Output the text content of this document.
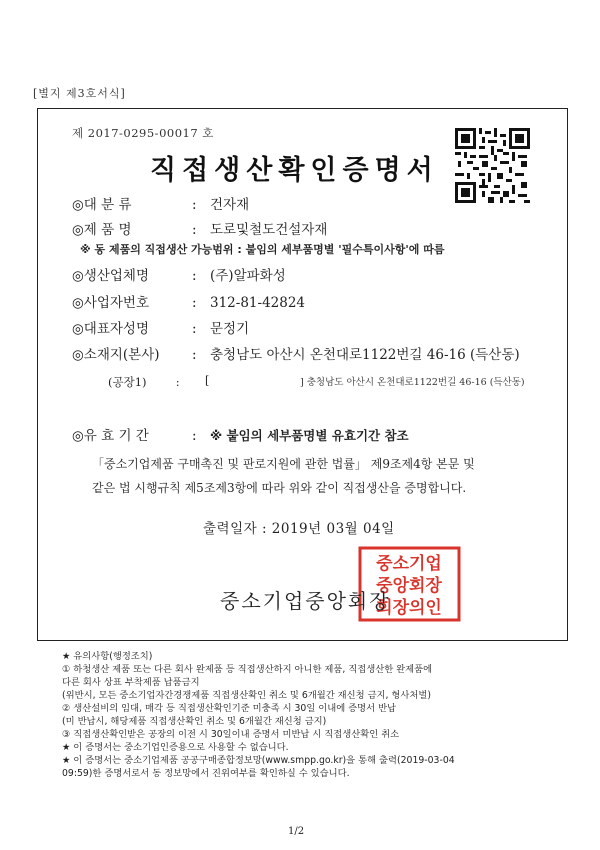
[별지 제3호서식]
제 2017-0295-00017 호
직접생산확인증명서
◎대 분 류	: 건자재
◎제 품 명	: 도로및철도건설자재
※ 동 제품의 직접생산 가능범위 : 붙임의 세부품명별 '필수특이사항'에 따름
◎생산업체명	: (주)알파화성
◎사업자번호	: 312-81-42824
◎대표자성명	: 문정기
◎소재지(본사) : 충청남도 아산시 온천대로1122번길 46-16 (득산동)
(공장1)	: [	] 충청남도 아산시 온천대로1122번길 46-16 (득산동)
◎유 효 기 간	: ※ 붙임의 세부품명별 유효기간 참조
「중소기업제품 구매촉진 및 판로지원에 관한 법률」 제9조제4항 본문 및
같은 법 시행규칙 제5조제3항에 따라 위와 같이 직접생산을 증명합니다.
출력일자 : 2019년 03월 04일
중소기업
중앙회장
회장의인
중소기업중앙회장
★ 유의사항(행정조치)
① 하청생산 제품 또는 다른 회사 완제품 등 직접생산하지 아니한 제품, 직접생산한 완제품에
다른 회사 상표 부착제품 납품금지
(위반시, 모든 중소기업자간경쟁제품 직접생산확인 취소 및 6개월간 재신청 금지, 형사처벌)
② 생산설비의 임대, 매각 등 직접생산확인기준 미충족 시 30일 이내에 증명서 반납
(미 반납시, 해당제품 직접생산확인 취소 및 6개월간 재신청 금지)
③ 직접생산확인받은 공장의 이전 시 30일이내 증명서 미반납 시 직접생산확인 취소
★ 이 증명서는 중소기업인증용으로 사용할 수 없습니다.
★ 이 증명서는 중소기업제품 공공구매종합정보망(www.smpp.go.kr)을 통해 출력(2019-03-04
09:59)한 증명서로서 동 정보망에서 진위여부를 확인하실 수 있습니다.
1/2
